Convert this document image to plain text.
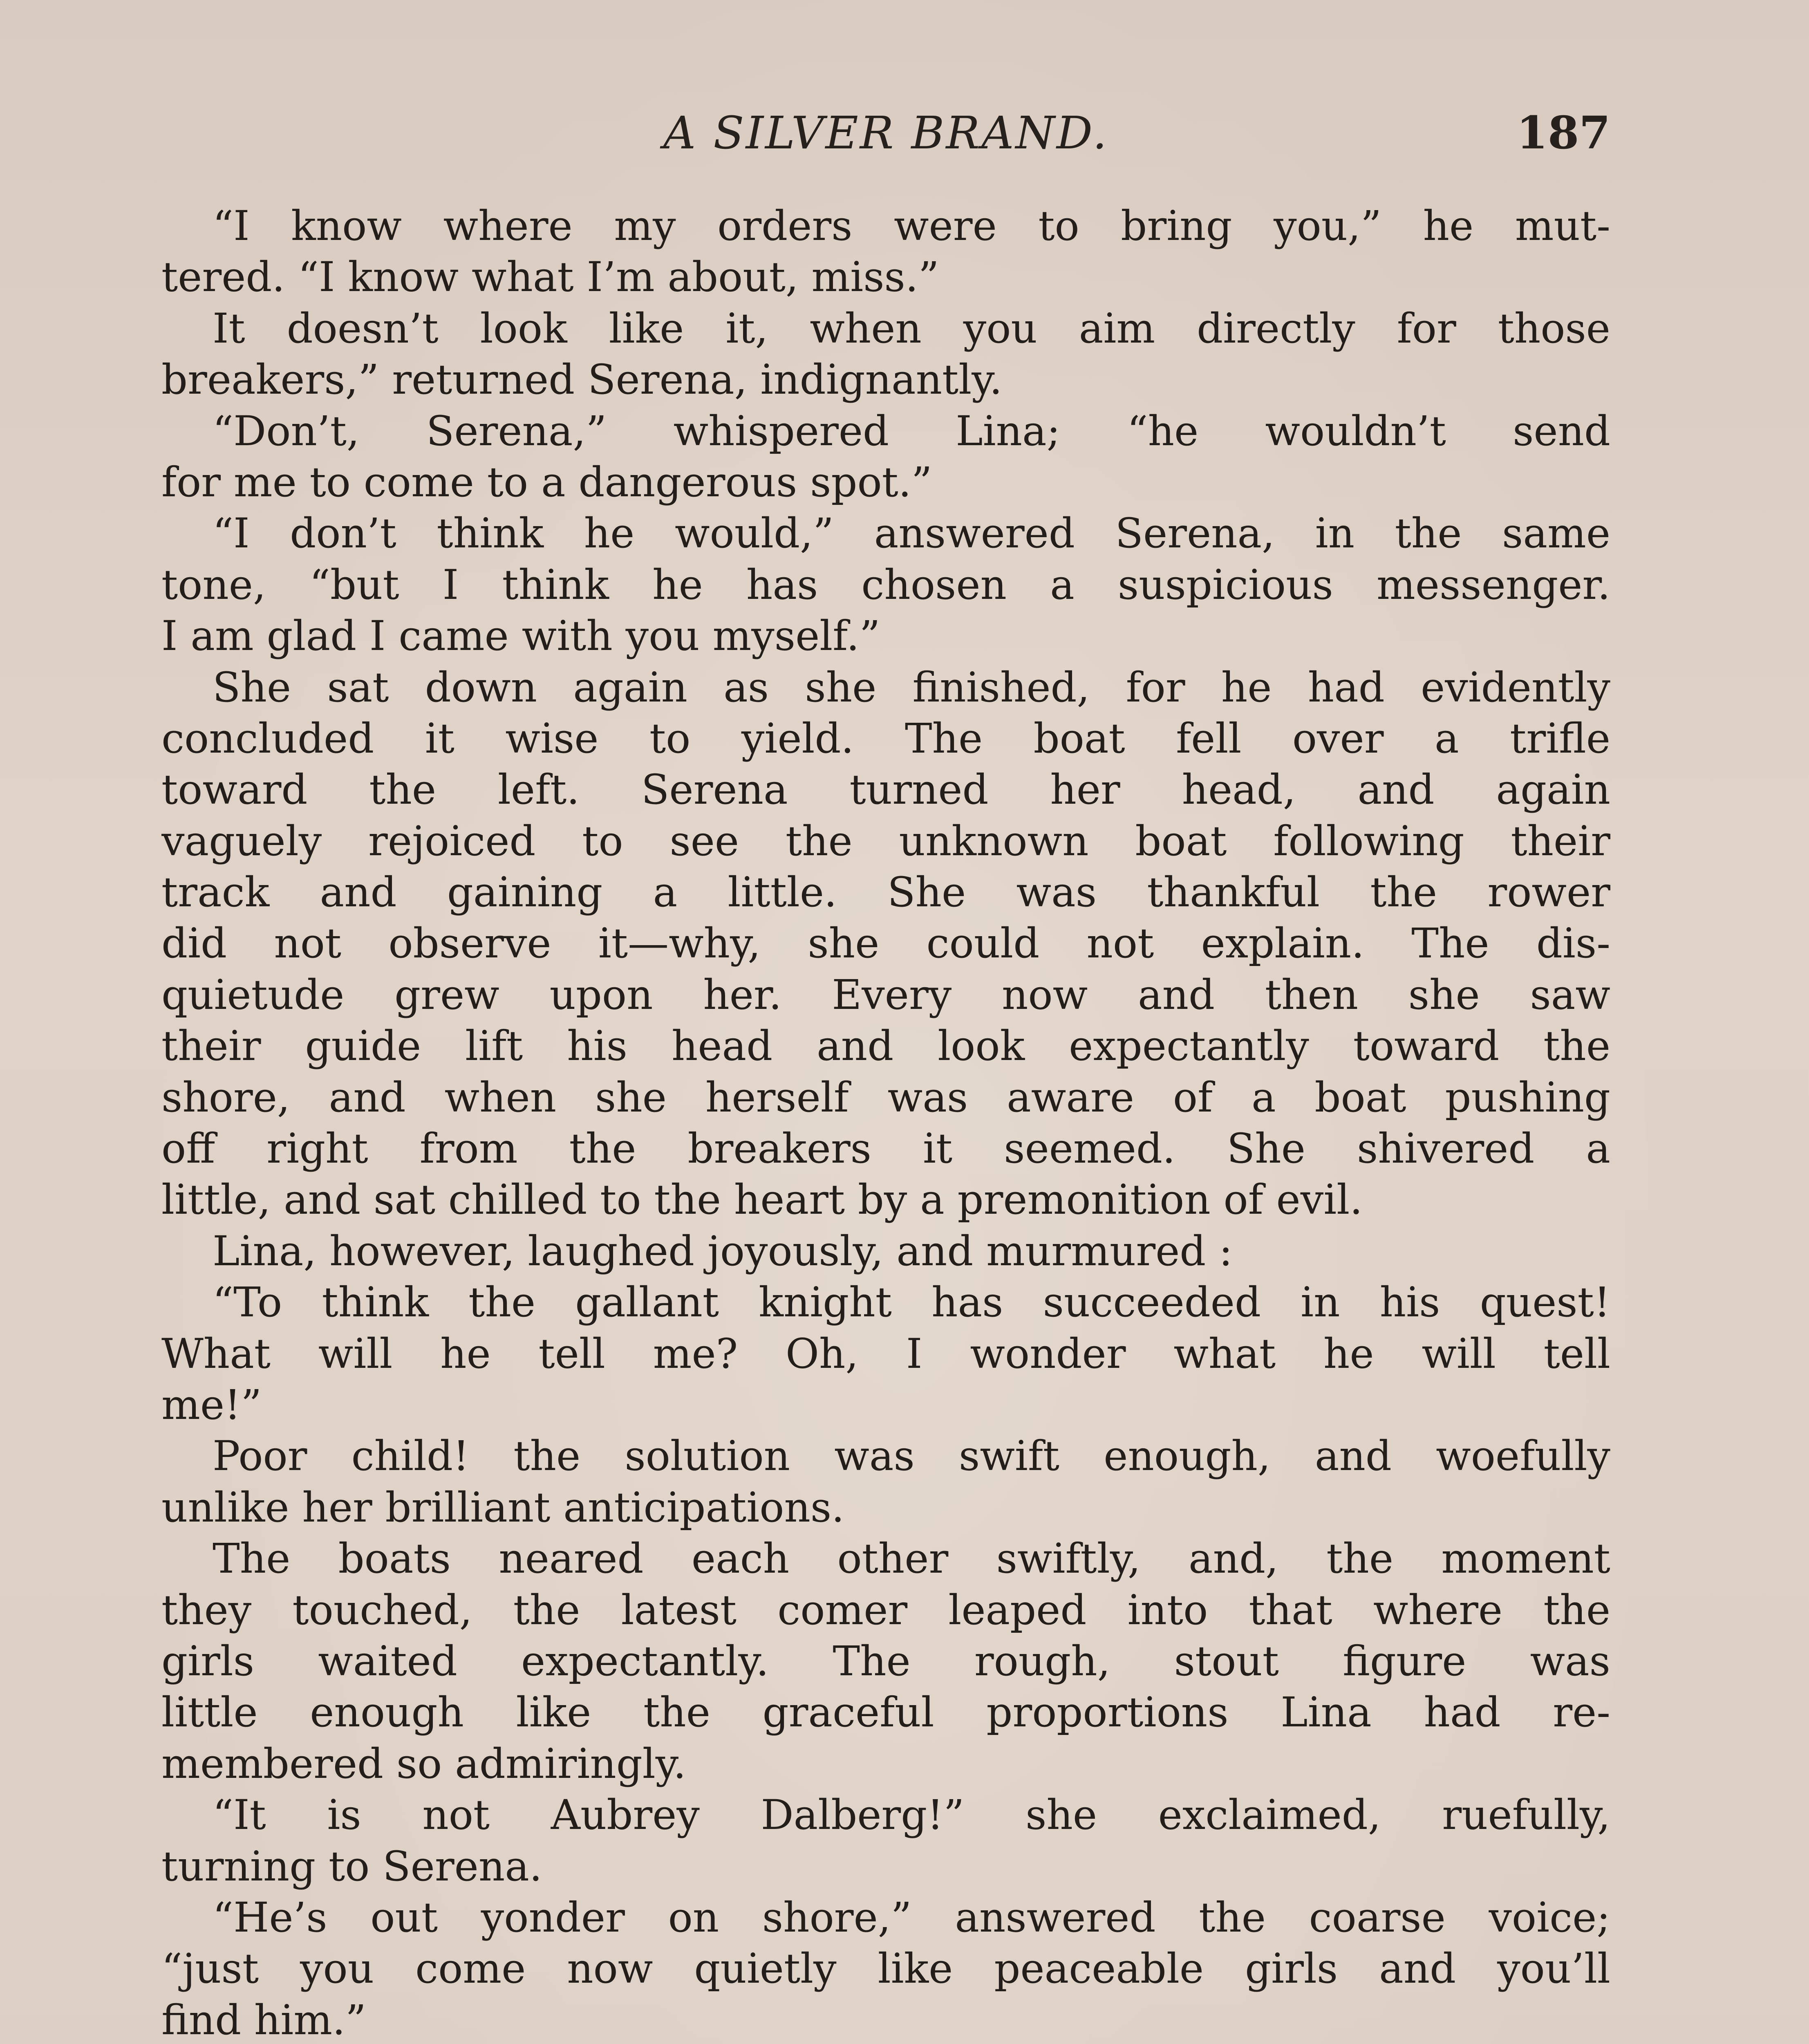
A SILVER BRAND.	187
“I know where my orders were to bring you,” he mut-
tered. “I know what I’m about, miss.”
It doesn’t look like it, when you aim directly for those
breakers,” returned Serena, indignantly.
“Don’t, Serena,” whispered Lina; “he wouldn’t send
for me to come to a dangerous spot.”
“I don’t think he would,” answered Serena, in the same
tone, “but I think he has chosen a suspicious messenger.
I am glad I came with you myself.”
She sat down again as she finished, for he had evidently
concluded it wise to yield. The boat fell over a trifle
toward the left. Serena turned her head, and again
vaguely rejoiced to see the unknown boat following their
track and gaining a little. She was thankful the rower
did not observe it—why, she could not explain. The dis-
quietude grew upon her. Every now and then she saw
their guide lift his head and look expectantly toward the
shore, and when she herself was aware of a boat pushing
off right from the breakers it seemed. She shivered a
little, and sat chilled to the heart by a premonition of evil.
Lina, however, laughed joyously, and murmured :
“To think the gallant knight has succeeded in his quest!
What will he tell me? Oh, I wonder what he will tell
me!”
Poor child! the solution was swift enough, and woefully
unlike her brilliant anticipations.
The boats neared each other swiftly, and, the moment
they touched, the latest comer leaped into that where the
girls waited expectantly. The rough, stout figure was
little enough like the graceful proportions Lina had re-
membered so admiringly.
“It is not Aubrey Dalberg!” she exclaimed, ruefully,
turning to Serena.
“He’s out yonder on shore,” answered the coarse voice;
“just you come now quietly like peaceable girls and you’ll
find him.”
